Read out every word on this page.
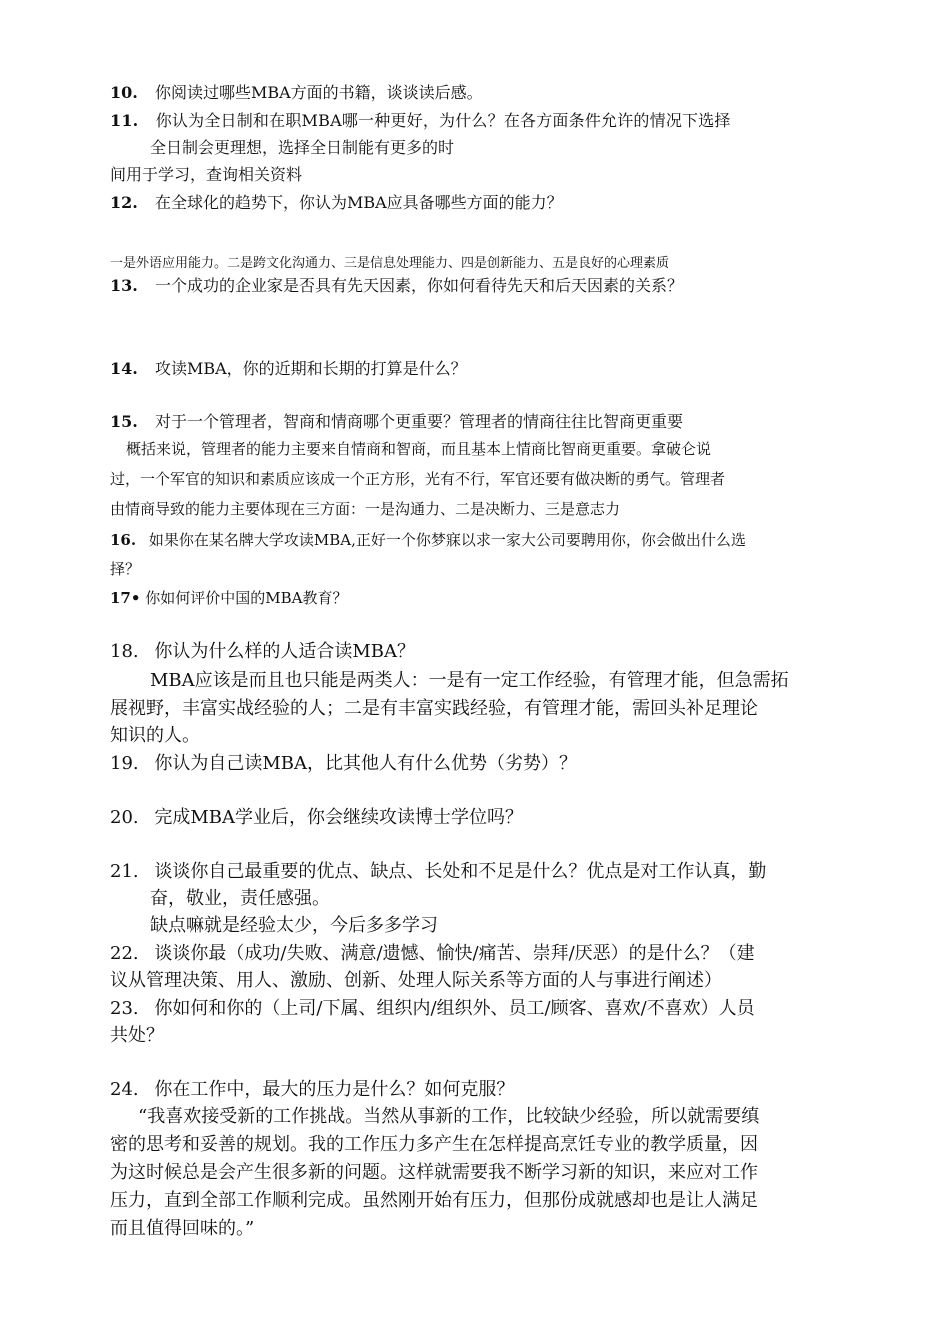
10. 你阅读过哪些MBA方面的书籍，谈谈读后感。
11. 你认为全日制和在职MBA哪一种更好，为什么？在各方面条件允许的情况下选择
全日制会更理想，选择全日制能有更多的时
间用于学习，查询相关资料
12. 在全球化的趋势下，你认为MBA应具备哪些方面的能力？
一是外语应用能力。二是跨文化沟通力、三是信息处理能力、四是创新能力、五是良好的心理素质
13. 一个成功的企业家是否具有先天因素，你如何看待先天和后天因素的关系？
14. 攻读MBA，你的近期和长期的打算是什么？
15. 对于一个管理者，智商和情商哪个更重要？管理者的情商往往比智商更重要
概括来说，管理者的能力主要来自情商和智商，而且基本上情商比智商更重要。拿破仑说
过，一个军官的知识和素质应该成一个正方形，光有不行，军官还要有做决断的勇气。管理者
由情商导致的能力主要体现在三方面：一是沟通力、二是决断力、三是意志力
16. 如果你在某名牌大学攻读MBA,正好一个你梦寐以求一家大公司要聘用你，你会做出什么选
择？
17• 你如何评价中国的MBA教育？
18. 你认为什么样的人适合读MBA？
MBA应该是而且也只能是两类人：一是有一定工作经验，有管理才能，但急需拓
展视野，丰富实战经验的人；二是有丰富实践经验，有管理才能，需回头补足理论
知识的人。
19. 你认为自己读MBA，比其他人有什么优势（劣势）？
20. 完成MBA学业后，你会继续攻读博士学位吗？
21. 谈谈你自己最重要的优点、缺点、长处和不足是什么？优点是对工作认真，勤
奋，敬业，责任感强。
缺点嘛就是经验太少，今后多多学习
22. 谈谈你最（成功/失败、满意/遗憾、愉快/痛苦、崇拜/厌恶）的是什么？（建
议从管理决策、用人、激励、创新、处理人际关系等方面的人与事进行阐述）
23. 你如何和你的（上司/下属、组织内/组织外、员工/顾客、喜欢/不喜欢）人员
共处？
24. 你在工作中，最大的压力是什么？如何克服？
“我喜欢接受新的工作挑战。当然从事新的工作，比较缺少经验，所以就需要缜
密的思考和妥善的规划。我的工作压力多产生在怎样提高烹饪专业的教学质量，因
为这时候总是会产生很多新的问题。这样就需要我不断学习新的知识，来应对工作
压力，直到全部工作顺利完成。虽然刚开始有压力，但那份成就感却也是让人满足
而且值得回味的。”
